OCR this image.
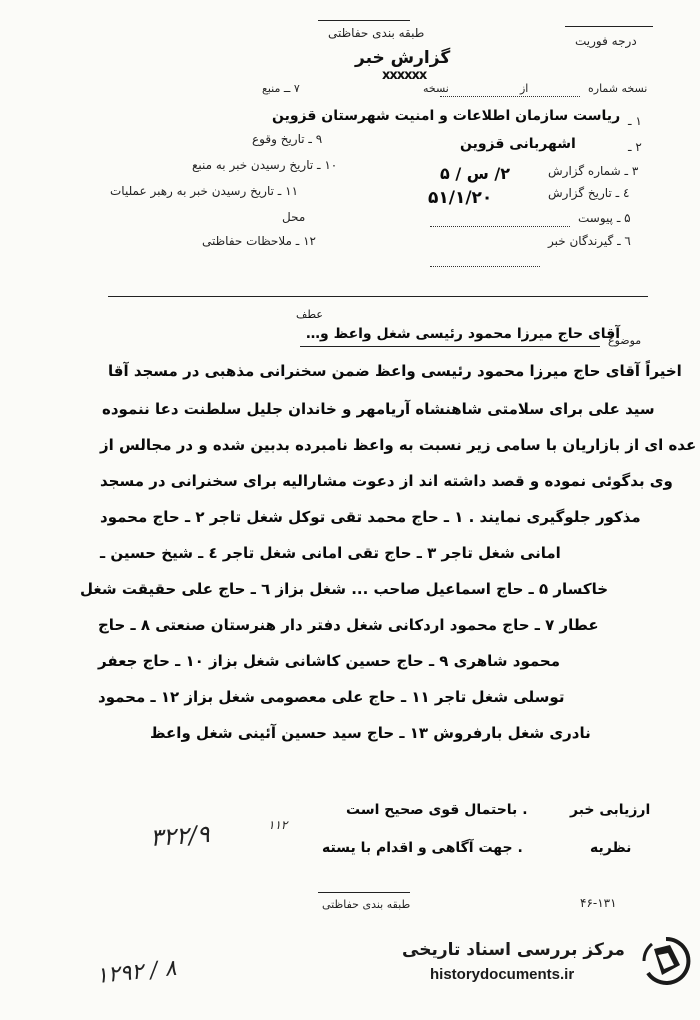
طبقه بندی حفاظتی
درجه فوریت
گزارش خبر
xxxxxx
نسخه شماره
از
نسخه
۷ ــ منبع
۱ ـ
ریاست سازمان اطلاعات و امنیت شهرستان قزوین
۲ ـ
اشهربانی قزوین
۳ ـ شماره گزارش
۲/ س / ۵
٤ ـ تاریخ گزارش
۵۱/۱/۲۰
۵ ـ پیوست
٦ ـ گیرندگان خبر
۹ ـ تاریخ وقوع
۱۰ ـ تاریخ رسیدن خبر به منبع
۱۱ ـ تاریخ رسیدن خبر به رهبر عملیات
محل
۱۲ ـ ملاحظات حفاظتی
عطف
موضوع
آقای حاج میرزا محمود رئیسی شغل واعظ و…
اخیراً آقای حاج میرزا محمود رئیسی واعظ ضمن سخنرانی مذهبی در مسجد آقا
سید علی برای سلامتی شاهنشاه آریامهر و خاندان جلیل سلطنت دعا ننموده
عده ای از بازاریان با سامی زیر نسبت به واعظ نامبرده بدبین شده و در مجالس از
وی بدگوئی نموده و قصد داشته اند از دعوت مشارالیه برای سخنرانی در مسجد
مذکور جلوگیری نمایند . ۱ ـ حاج محمد تقی توکل شغل تاجر ۲ ـ حاج محمود
امانی شغل تاجر ۳ ـ حاج تقی امانی شغل تاجر ٤ ـ شیخ حسین ـ
خاکسار ۵ ـ حاج اسماعیل صاحب ... شغل بزاز ٦ ـ حاج علی حقیقت شغل
عطار ۷ ـ حاج محمود اردکانی شغل دفتر دار هنرستان صنعتی ۸ ـ حاج
محمود شاهری ۹ ـ حاج حسین کاشانی شغل بزاز ۱۰ ـ حاج جعفر
توسلی شغل تاجر ۱۱ ـ حاج علی معصومی شغل بزاز ۱۲ ـ محمود
نادری شغل بارفروش ۱۳ ـ حاج سید حسین آئینی شغل واعظ
ارزیابی خبر
. باحتمال قوی صحیح است
نظریه
. جهت آگاهی و اقدام با یسته
۳۲۲/۹	۱۱۲
طبقه بندی حفاظتی	۴۶-۱۳۱
۸ / ۱۲۹۲
مرکز بررسی اسناد تاریخی
historydocuments.ir
